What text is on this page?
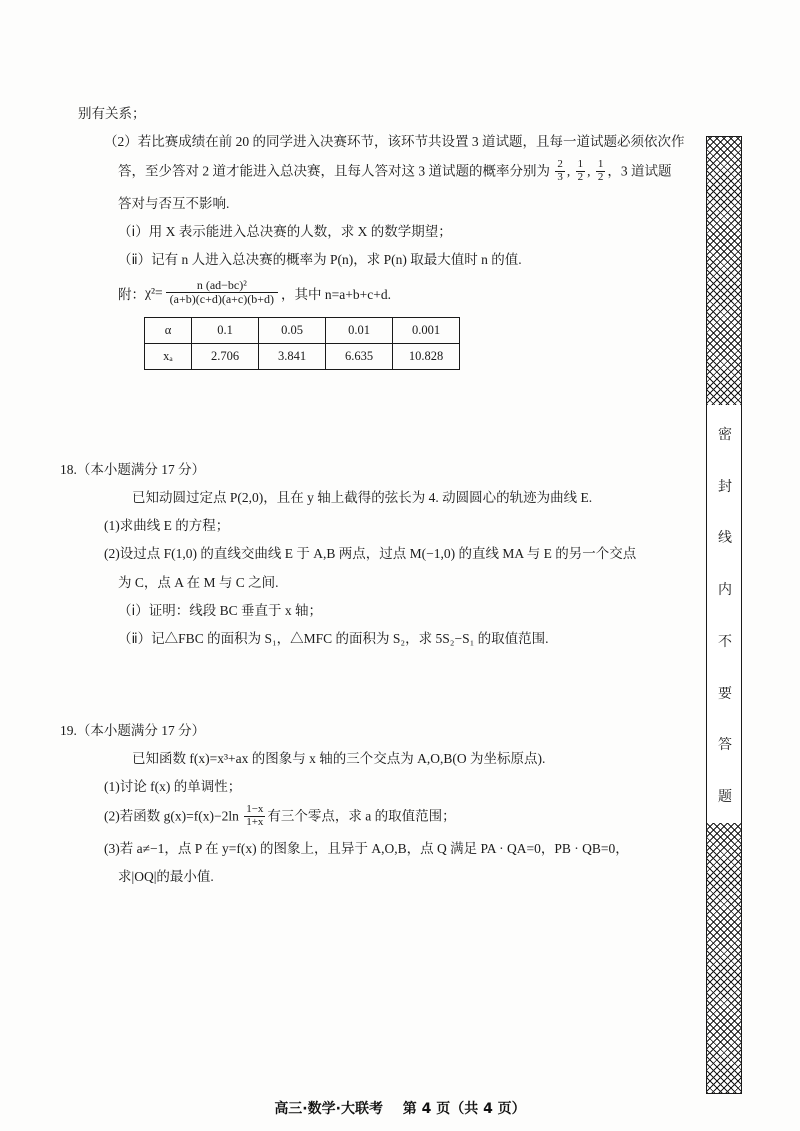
别有关系；
（2）若比赛成绩在前 20 的同学进入决赛环节，该环节共设置 3 道试题，且每一道试题必须依次作
答，至少答对 2 道才能进入总决赛，且每人答对这 3 道试题的概率分别为 $\frac{2}{3}$ , $\frac{1}{2}$ , $\frac{1}{2}$ ，3 道试题
答对与否互不影响.
（ⅰ）用 X 表示能进入总决赛的人数，求 X 的数学期望；
（ⅱ）记有 n 人进入总决赛的概率为 P(n)，求 P(n) 取最大值时 n 的值.
附： $\chi^2 = \frac{\text{n (ad−bc)²}}{(a+b)(c+d)(a+c)(b+d)}$ ，其中 n=a+b+c+d.
α	0.1	0.05	0.01	0.001
xₐ	2.706	3.841	6.635	10.828
18.（本小题满分 17 分）
已知动圆过定点 P(2,0)，且在 y 轴上截得的弦长为 4. 动圆圆心的轨迹为曲线 E.
(1)求曲线 E 的方程；
(2)设过点 F(1,0) 的直线交曲线 E 于 A,B 两点，过点 M(−1,0) 的直线 MA 与 E 的另一个交点
为 C，点 A 在 M 与 C 之间.
（ⅰ）证明：线段 BC 垂直于 x 轴；
（ⅱ）记△FBC 的面积为 S₁，△MFC 的面积为 S₂，求 5S₂−S₁ 的取值范围.
19.（本小题满分 17 分）
已知函数 f(x)=x³+ax 的图象与 x 轴的三个交点为 A,O,B(O 为坐标原点).
(1)讨论 f(x) 的单调性；
(2)若函数 $g(x)=f(x)-2\ln \frac{1-x}{1+x}$ 有三个零点，求 a 的取值范围；
(3)若 a≠−1，点 P 在 y=f(x) 的图象上，且异于 A,O,B，点 Q 满足 PA · QA=0，PB · QB=0，
求|OQ|的最小值.
密
封
线
内
不
要
答
题
高三·数学·大联考 第 4 页（共 4 页）
